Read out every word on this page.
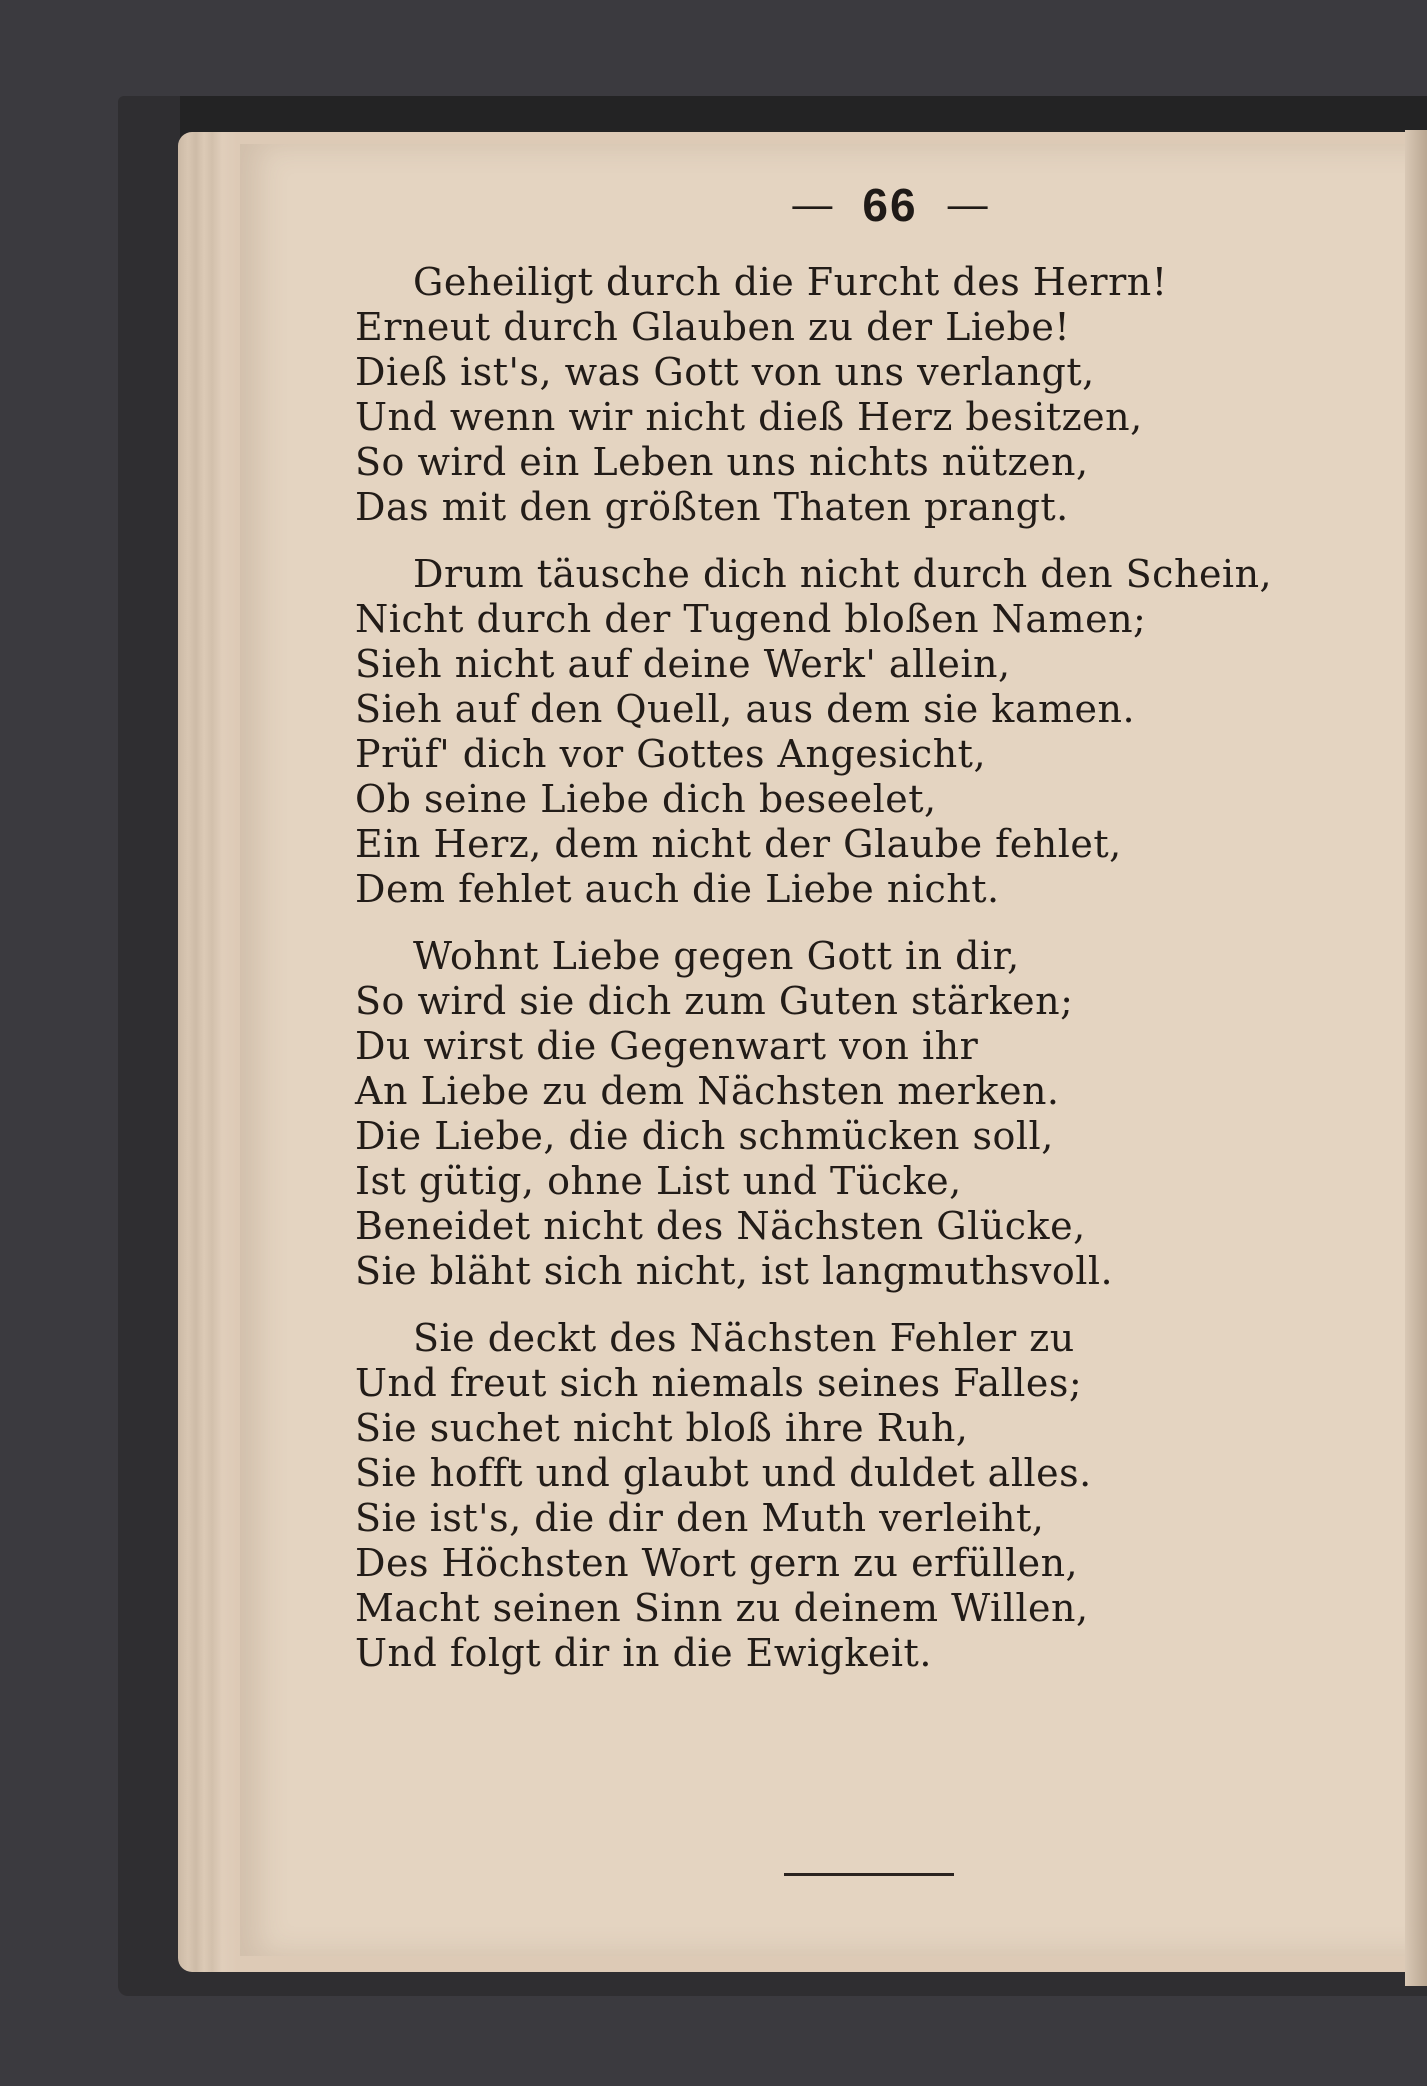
— 66 —
Geheiligt durch die Furcht des Herrn!
Erneut durch Glauben zu der Liebe!
Dieß ist's, was Gott von uns verlangt,
Und wenn wir nicht dieß Herz besitzen,
So wird ein Leben uns nichts nützen,
Das mit den größten Thaten prangt.
Drum täusche dich nicht durch den Schein,
Nicht durch der Tugend bloßen Namen;
Sieh nicht auf deine Werk' allein,
Sieh auf den Quell, aus dem sie kamen.
Prüf' dich vor Gottes Angesicht,
Ob seine Liebe dich beseelet,
Ein Herz, dem nicht der Glaube fehlet,
Dem fehlet auch die Liebe nicht.
Wohnt Liebe gegen Gott in dir,
So wird sie dich zum Guten stärken;
Du wirst die Gegenwart von ihr
An Liebe zu dem Nächsten merken.
Die Liebe, die dich schmücken soll,
Ist gütig, ohne List und Tücke,
Beneidet nicht des Nächsten Glücke,
Sie bläht sich nicht, ist langmuthsvoll.
Sie deckt des Nächsten Fehler zu
Und freut sich niemals seines Falles;
Sie suchet nicht bloß ihre Ruh,
Sie hofft und glaubt und duldet alles.
Sie ist's, die dir den Muth verleiht,
Des Höchsten Wort gern zu erfüllen,
Macht seinen Sinn zu deinem Willen,
Und folgt dir in die Ewigkeit.
